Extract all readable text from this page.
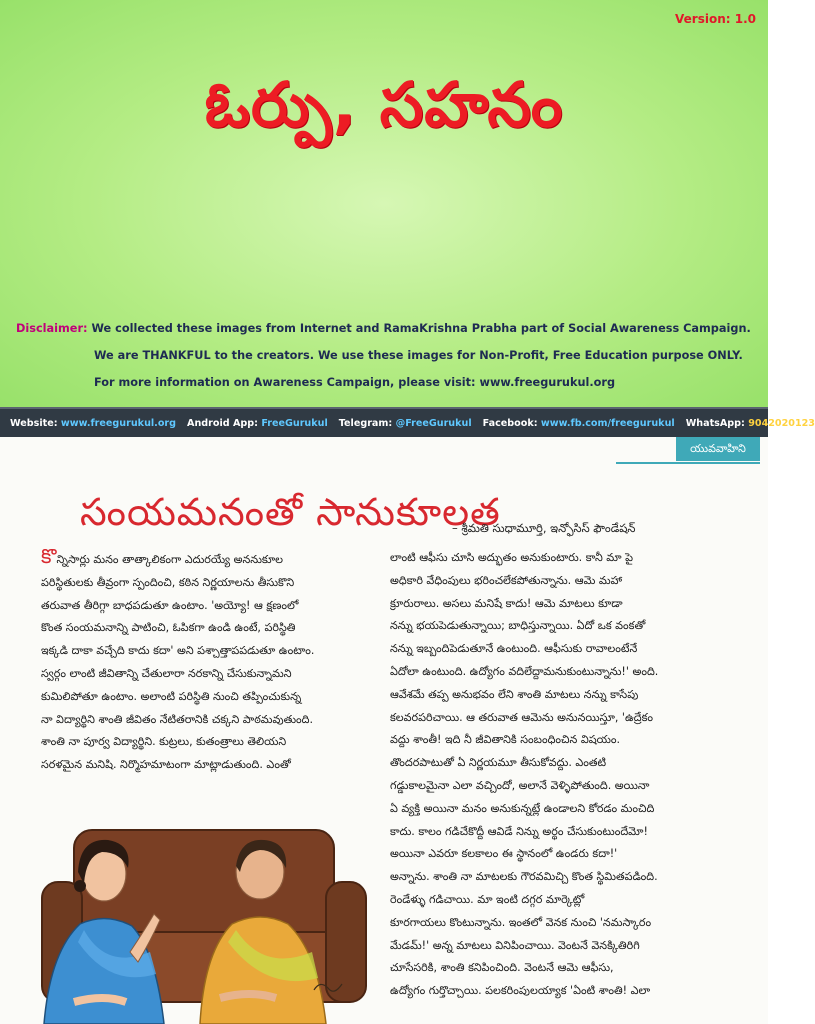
Version: 1.0
ఓర్పు, సహనం
Disclaimer: We collected these images from Internet and RamaKrishna Prabha part of Social Awareness Campaign.
We are THANKFUL to the creators. We use these images for Non-Profit, Free Education purpose ONLY.
For more information on Awareness Campaign, please visit: www.freegurukul.org
Website: www.freegurukul.org Android App: FreeGurukul Telegram: @FreeGurukul Facebook: www.fb.com/freegurukul WhatsApp: 9042020123
యువవాహిని
సంయమనంతో సానుకూలత
– శ్రీమతి సుధామూర్తి, ఇన్ఫోసిస్ ఫౌండేషన్

కొన్నిసార్లు మనం తాత్కాలికంగా ఎదురయ్యే అననుకూల

పరిస్థితులకు తీవ్రంగా స్పందించి, కఠిన నిర్ణయాలను తీసుకొని

తరువాత తీరిగ్గా బాధపడుతూ ఉంటాం. 'అయ్యో! ఆ క్షణంలో

కొంత సంయమనాన్ని పాటించి, ఓపికగా ఉండి ఉంటే, పరిస్థితి

ఇక్కడి దాకా వచ్చేది కాదు కదా' అని పశ్చాత్తాపపడుతూ ఉంటాం.

స్వర్గం లాంటి జీవితాన్ని చేతులారా నరకాన్ని చేసుకున్నామని

కుమిలిపోతూ ఉంటాం. అలాంటి పరిస్థితి నుంచి తప్పించుకున్న

నా విద్యార్థిని శాంతి జీవితం నేటితరానికి చక్కని పాఠమవుతుంది.

శాంతి నా పూర్వ విద్యార్థిని. కుట్రలు, కుతంత్రాలు తెలియని

సరళమైన మనిషి. నిర్మొహమాటంగా మాట్లాడుతుంది. ఎంతో

లాంటి ఆఫీసు చూసి అద్భుతం అనుకుంటారు. కానీ మా పై

అధికారి వేధింపులు భరించలేకపోతున్నాను. ఆమె మహా

క్రూరురాలు. అసలు మనిషే కాదు! ఆమె మాటలు కూడా

నన్ను భయపెడుతున్నాయి; బాధిస్తున్నాయి. ఏదో ఒక వంకతో

నన్ను ఇబ్బందిపెడుతూనే ఉంటుంది. ఆఫీసుకు రావాలంటేనే

ఏదోలా ఉంటుంది. ఉద్యోగం వదిలేద్దామనుకుంటున్నాను!' అంది.

ఆవేశమే తప్ప అనుభవం లేని శాంతి మాటలు నన్ను కాసేపు

కలవరపరిచాయి. ఆ తరువాత ఆమెను అనునయిస్తూ, 'ఉద్రేకం

వద్దు శాంతీ! ఇది నీ జీవితానికి సంబంధించిన విషయం.

తొందరపాటుతో ఏ నిర్ణయమూ తీసుకోవద్దు. ఎంతటి

గడ్డుకాలమైనా ఎలా వచ్చిందో, అలానే వెళ్ళిపోతుంది. అయినా

ఏ వ్యక్తి అయినా మనం అనుకున్నట్లే ఉండాలని కోరడం మంచిది

కాదు. కాలం గడిచేకొద్దీ ఆవిడే నిన్ను అర్థం చేసుకుంటుందేమో!

అయినా ఎవరూ కలకాలం ఈ స్థానంలో ఉండరు కదా!'

అన్నాను. శాంతి నా మాటలకు గౌరవమిచ్చి కొంత స్థిమితపడింది.

రెండేళ్ళు గడిచాయి. మా ఇంటి దగ్గర మార్కెట్లో

కూరగాయలు కొంటున్నాను. ఇంతలో వెనక నుంచి 'నమస్కారం

మేడమ్!' అన్న మాటలు వినిపించాయి. వెంటనే వెనక్కితిరిగి

చూసేసరికి, శాంతి కనిపించింది. వెంటనే ఆమె ఆఫీసు,

ఉద్యోగం గుర్తొచ్చాయి. పలకరింపులయ్యాక 'ఏంటి శాంతి! ఎలా
